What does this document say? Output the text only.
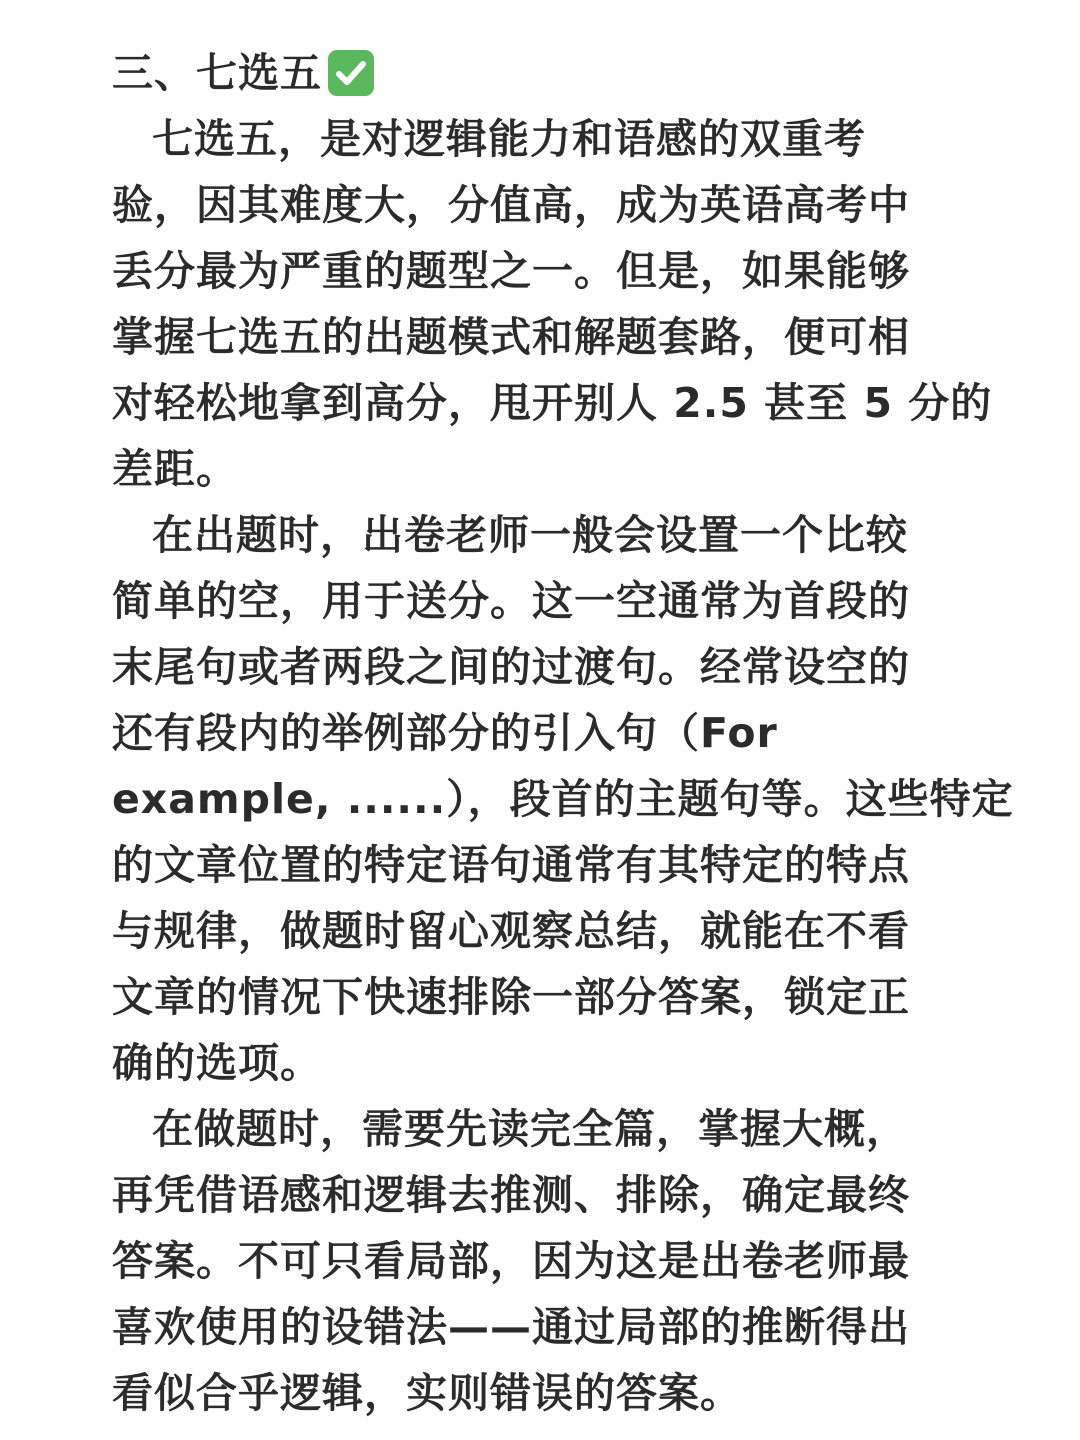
三、七选五
七选五，是对逻辑能力和语感的双重考
验，因其难度大，分值高，成为英语高考中
丢分最为严重的题型之一。但是，如果能够
掌握七选五的出题模式和解题套路，便可相
对轻松地拿到高分，甩开别人 2.5 甚至 5 分的
差距。
在出题时，出卷老师一般会设置一个比较
简单的空，用于送分。这一空通常为首段的
末尾句或者两段之间的过渡句。经常设空的
还有段内的举例部分的引入句（For
example, ......），段首的主题句等。这些特定
的文章位置的特定语句通常有其特定的特点
与规律，做题时留心观察总结，就能在不看
文章的情况下快速排除一部分答案，锁定正
确的选项。
在做题时，需要先读完全篇，掌握大概，
再凭借语感和逻辑去推测、排除，确定最终
答案。不可只看局部，因为这是出卷老师最
喜欢使用的设错法——通过局部的推断得出
看似合乎逻辑，实则错误的答案。
